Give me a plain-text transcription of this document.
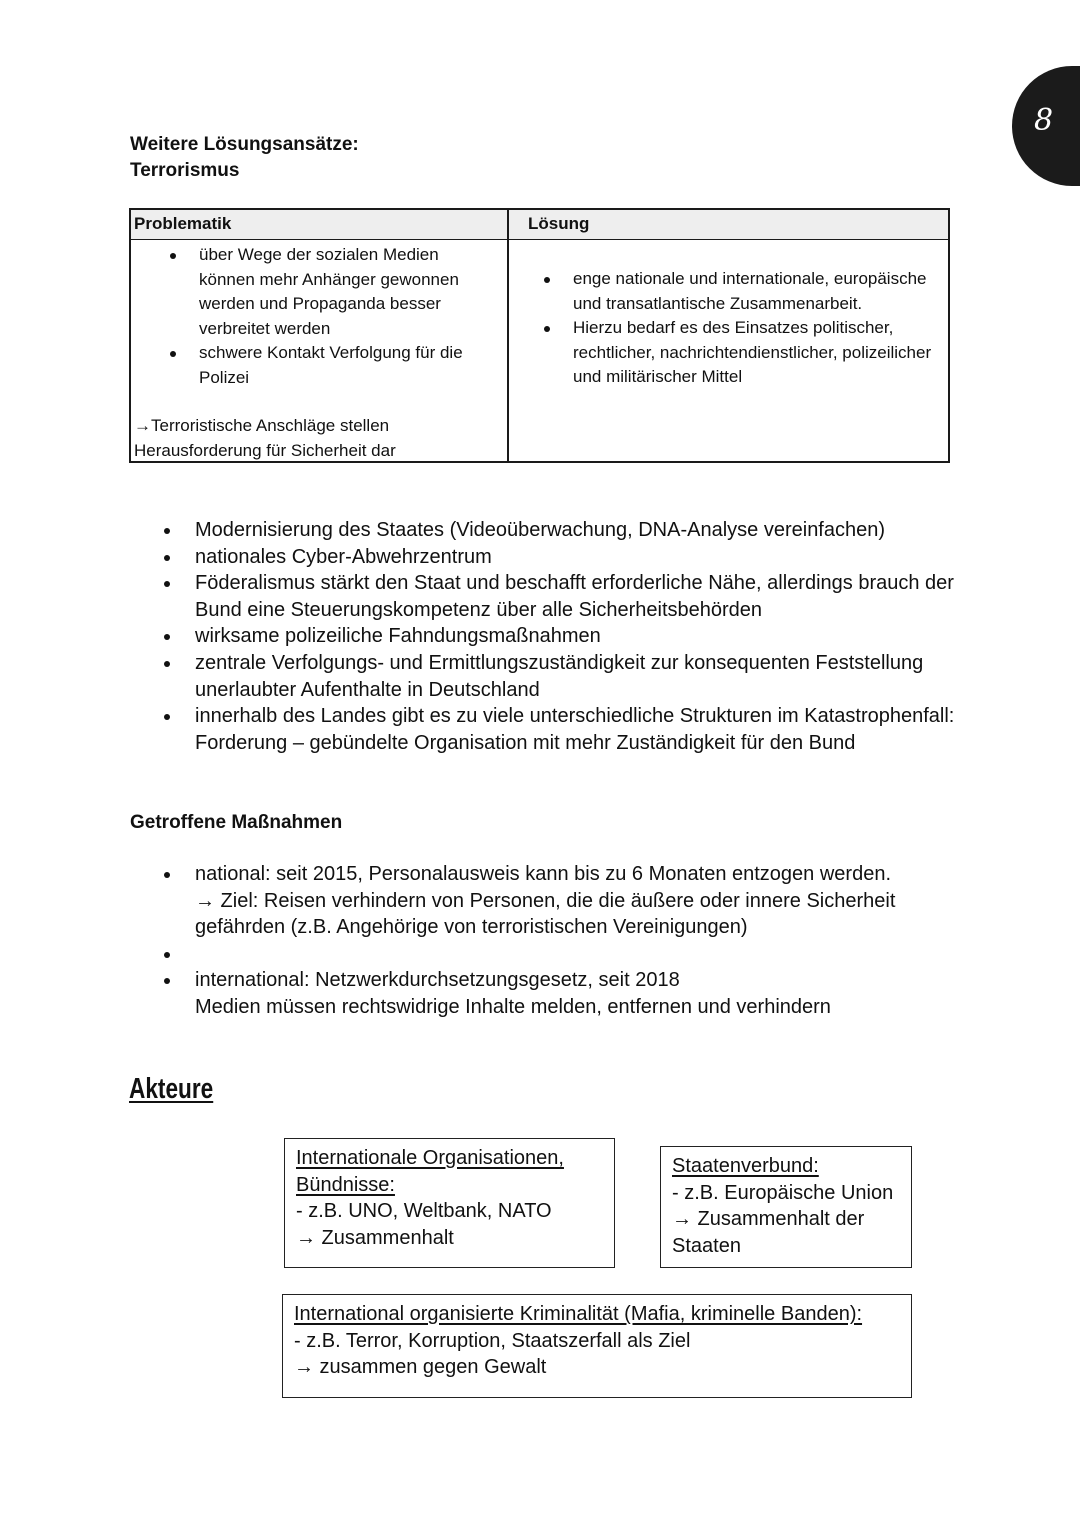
8
Weitere Lösungsansätze:
Terrorismus
Problematik	Lösung
über Wege der sozialen Medien können mehr Anhänger gewonnen werden und Propaganda besser verbreitet werden
schwere Kontakt Verfolgung für die Polizei
→Terroristische Anschläge stellen Herausforderung für Sicherheit dar
enge nationale und internationale, europäische und transatlantische Zusammenarbeit.
Hierzu bedarf es des Einsatzes politischer, rechtlicher, nachrichtendienstlicher, polizeilicher und militärischer Mittel
Modernisierung des Staates (Videoüberwachung, DNA-Analyse vereinfachen)
nationales Cyber-Abwehrzentrum
Föderalismus stärkt den Staat und beschafft erforderliche Nähe, allerdings brauch der Bund eine Steuerungskompetenz über alle Sicherheitsbehörden
wirksame polizeiliche Fahndungsmaßnahmen
zentrale Verfolgungs- und Ermittlungszuständigkeit zur konsequenten Feststellung unerlaubter Aufenthalte in Deutschland
innerhalb des Landes gibt es zu viele unterschiedliche Strukturen im Katastrophenfall: Forderung – gebündelte Organisation mit mehr Zuständigkeit für den Bund
Getroffene Maßnahmen
national: seit 2015, Personalausweis kann bis zu 6 Monaten entzogen werden.
→ Ziel: Reisen verhindern von Personen, die die äußere oder innere Sicherheit gefährden (z.B. Angehörige von terroristischen Vereinigungen)
international: Netzwerkdurchsetzungsgesetz, seit 2018
Medien müssen rechtswidrige Inhalte melden, entfernen und verhindern
Akteure
Internationale Organisationen, Bündnisse:
- z.B. UNO, Weltbank, NATO
→ Zusammenhalt
Staatenverbund:
- z.B. Europäische Union
→ Zusammenhalt der Staaten
International organisierte Kriminalität (Mafia, kriminelle Banden):
- z.B. Terror, Korruption, Staatszerfall als Ziel
→ zusammen gegen Gewalt
